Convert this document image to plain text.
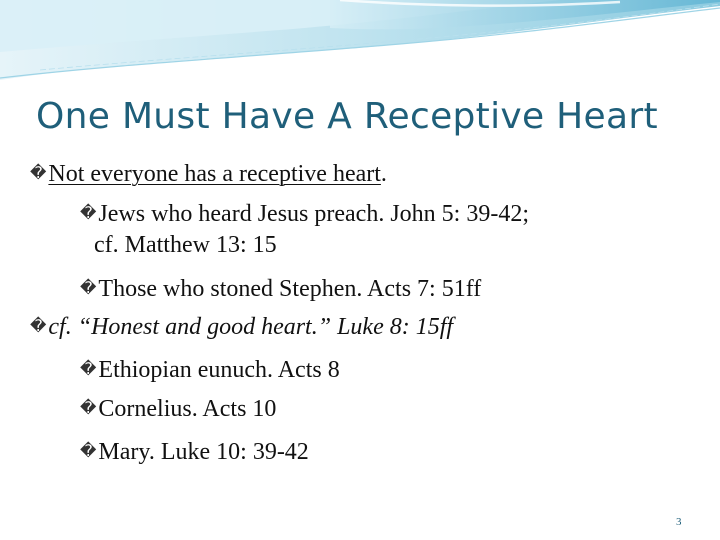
One Must Have A Receptive Heart
�Not everyone has a receptive heart.
�Jews who heard Jesus preach. John 5: 39-42;
cf. Matthew 13: 15
�Those who stoned Stephen. Acts 7: 51ff
�cf. “Honest and good heart.” Luke 8: 15ff
�Ethiopian eunuch. Acts 8
�Cornelius. Acts 10
�Mary. Luke 10: 39-42
3
